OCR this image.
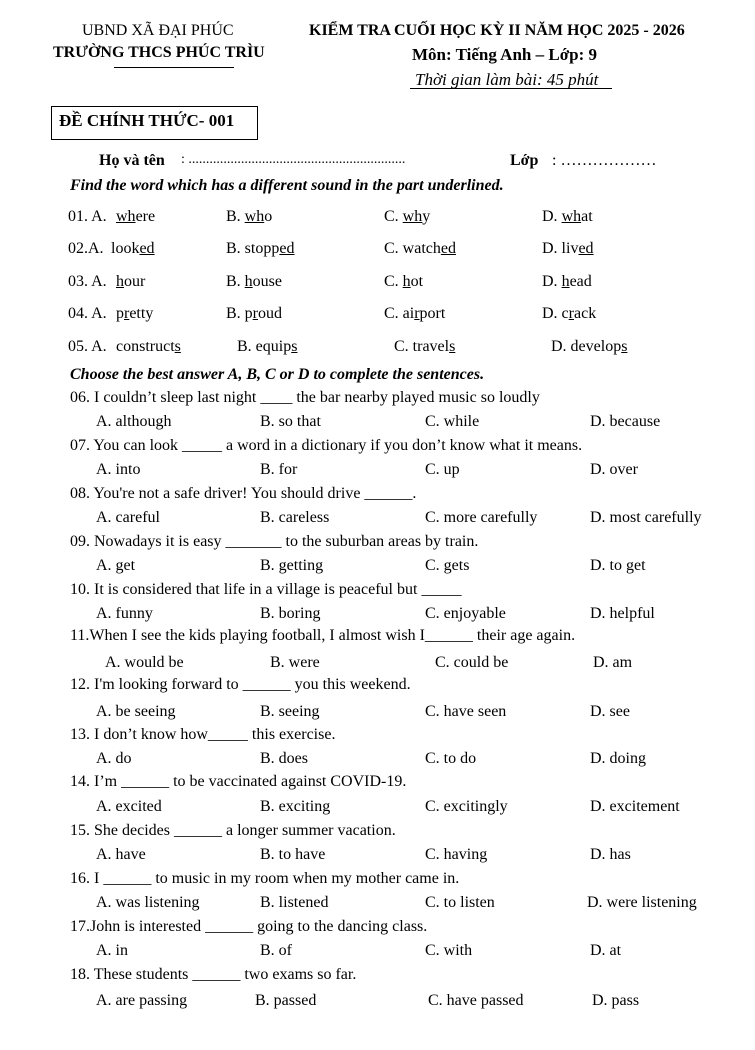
UBND XÃ ĐẠI PHÚC
TRƯỜNG THCS PHÚC TRÌU
KIỂM TRA CUỐI HỌC KỲ II NĂM HỌC 2025 - 2026
Môn: Tiếng Anh – Lớp: 9
Thời gian làm bài: 45 phút
ĐỀ CHÍNH THỨC- 001
Họ và tên : ..............................................................	Lớp : ………………
Find the word which has a different sound in the part underlined.
01. A. where	B. who	C. why	D. what
02.A. looked	B. stopped	C. watched	D. lived
03. A. hour	B. house	C. hot	D. head
04. A. pretty	B. proud	C. airport	D. crack
05. A. constructs	B. equips	C. travels	D. develops
Choose the best answer A, B, C or D to complete the sentences.
06. I couldn’t sleep last night ____ the bar nearby played music so loudly
A. although	B. so that	C. while	D. because
07. You can look _____ a word in a dictionary if you don’t know what it means.
A. into	B. for	C. up	D. over
08. You're not a safe driver! You should drive ______.
A. careful	B. careless	C. more carefully	D. most carefully
09. Nowadays it is easy _______ to the suburban areas by train.
A. get	B. getting	C. gets	D. to get
10. It is considered that life in a village is peaceful but _____
A. funny	B. boring	C. enjoyable	D. helpful
11.When I see the kids playing football, I almost wish I______ their age again.
A. would be	B. were	C. could be	D. am
12. I'm looking forward to ______ you this weekend.
A. be seeing	B. seeing	C. have seen	D. see
13. I don’t know how_____ this exercise.
A. do	B. does	C. to do	D. doing
14. I’m ______ to be vaccinated against COVID-19.
A. excited	B. exciting	C. excitingly	D. excitement
15. She decides ______ a longer summer vacation.
A. have	B. to have	C. having	D. has
16. I ______ to music in my room when my mother came in.
A. was listening	B. listened	C. to listen	D. were listening
17.John is interested ______ going to the dancing class.
A. in	B. of	C. with	D. at
18. These students ______ two exams so far.
A. are passing	B. passed	C. have passed	D. pass
